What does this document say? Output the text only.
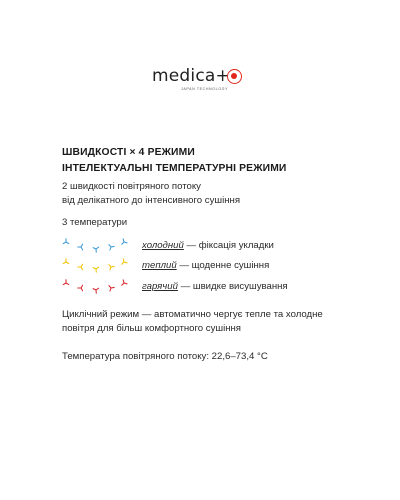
medica+
JAPAN TECHNOLOGY
ШВИДКОСТІ × 4 РЕЖИМИ
ІНТЕЛЕКТУАЛЬНІ ТЕМПЕРАТУРНІ РЕЖИМИ
2 швидкості повітряного потоку
від делікатного до інтенсивного сушіння
3 температури
холодний — фіксація укладки
теплий — щоденне сушіння
гарячий — швидке висушування
Циклічний режим — автоматично чергує тепле та холодне
повітря для більш комфортного сушіння
Температура повітряного потоку: 22,6–73,4 °C
